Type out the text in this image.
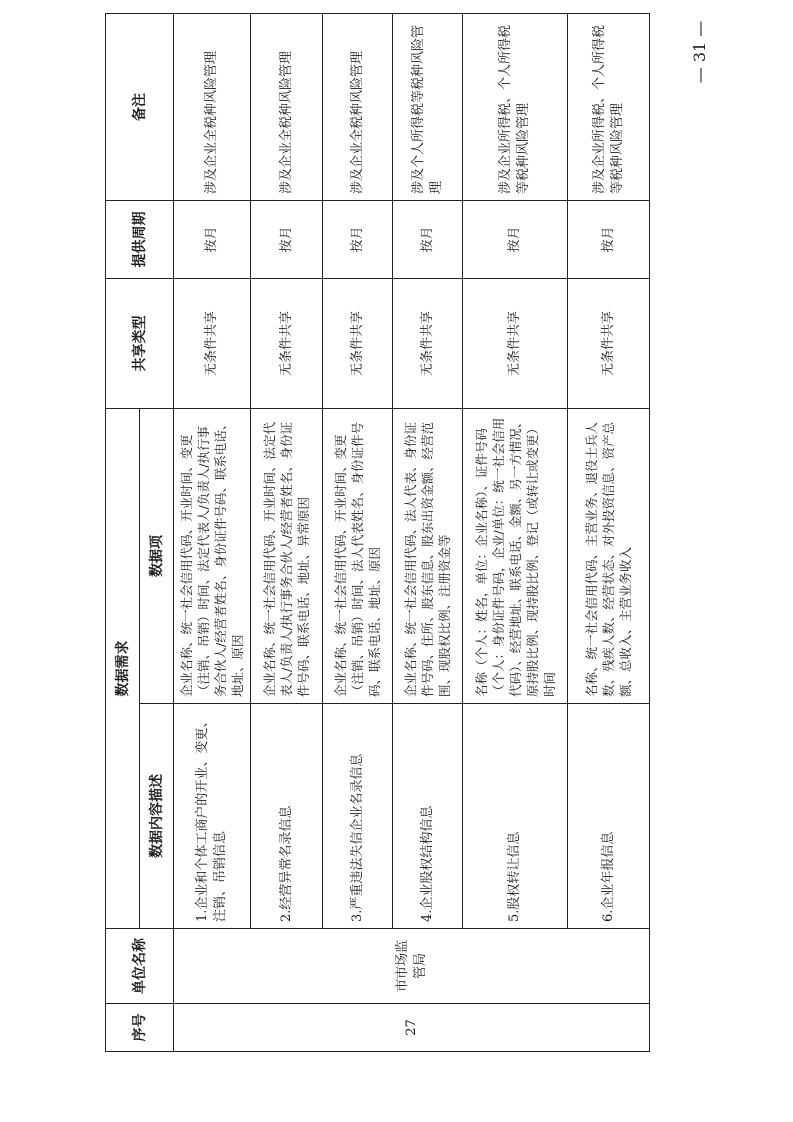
序号	单位名称	数据需求		共享类型	提供周期	备注
		数据内容描述	数据项			
27	市市场监管局	1.企业和个体工商户的开业、变更、注销、吊销信息	企业名称、统一社会信用代码、开业时间、变更（注销、吊销）时间、法定代表人/负责人/执行事务合伙人/经营者姓名、身份证件号码、联系电话、地址、原因	无条件共享	按月	涉及企业全税种风险管理
		2.经营异常名录信息	企业名称、统一社会信用代码、开业时间、法定代表人/负责人/执行事务合伙人/经营者姓名、身份证件号码、联系电话、地址、异常原因	无条件共享	按月	涉及企业全税种风险管理
		3.严重违法失信企业名录信息	企业名称、统一社会信用代码、开业时间、变更（注销、吊销）时间、法人代表姓名、身份证件号码、联系电话、地址、原因	无条件共享	按月	涉及企业全税种风险管理
		4.企业股权结构信息	企业名称、统一社会信用代码、法人代表、身份证件号码、住所、股东信息、股东出资金额、经营范围、现股权比例、注册资金等	无条件共享	按月	涉及个人所得税等税种风险管理
		5.股权转让信息	名称（个人：姓名，单位：企业名称）、证件号码（个人：身份证件号码，企业/单位：统一社会信用代码）、经营地址、联系电话、金额、另一方情况、原持股比例、现持股比例、登记（或转让或变更）时间	无条件共享	按月	涉及企业所得税、个人所得税等税种风险管理
		6.企业年报信息	名称、统一社会信用代码、主营业务、退役士兵人数、残疾人数、经营状态、对外投资信息、资产总额、总收入、主营业务收入	无条件共享	按月	涉及企业所得税、个人所得税等税种风险管理
— 31 —
